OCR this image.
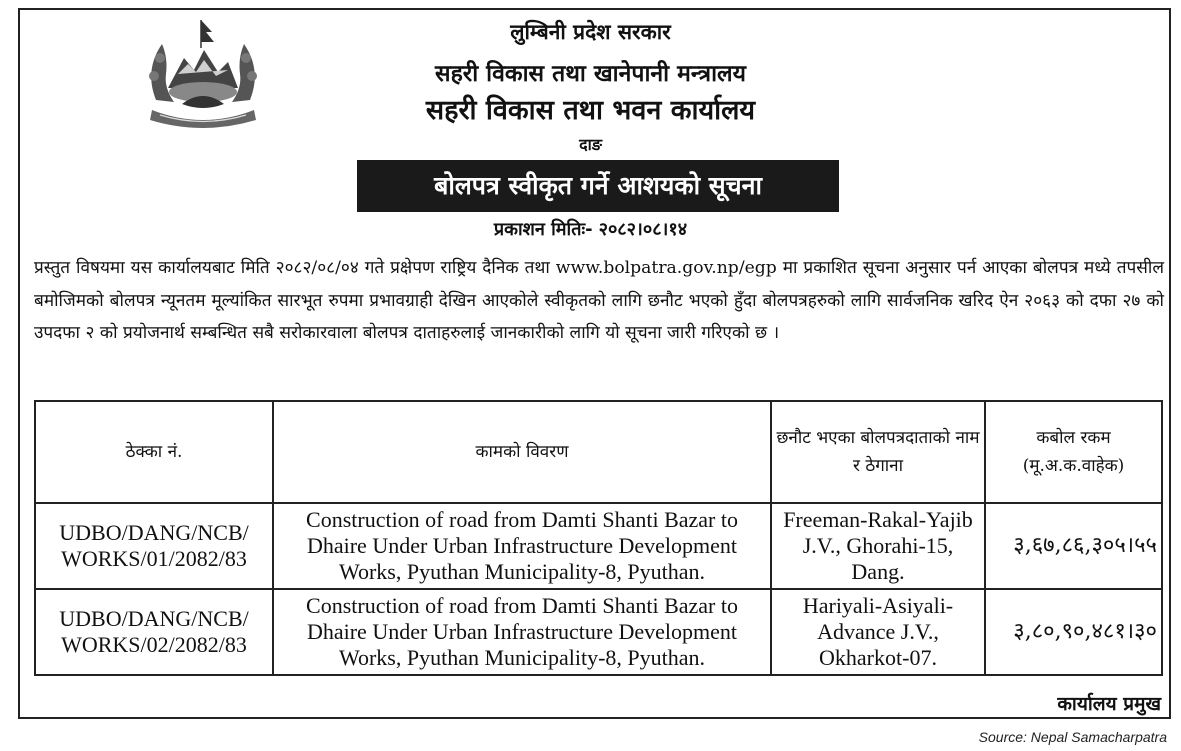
लुम्बिनी प्रदेश सरकार
सहरी विकास तथा खानेपानी मन्त्रालय
सहरी विकास तथा भवन कार्यालय
दाङ
बोलपत्र स्वीकृत गर्ने आशयको सूचना
प्रकाशन मितिः- २०८२।०८।१४

प्रस्तुत विषयमा यस कार्यालयबाट मिति २०८२/०८/०४ गते प्रक्षेपण राष्ट्रिय दैनिक तथा www.bolpatra.gov.np/egp मा प्रकाशित सूचना अनुसार पर्न आएका बोलपत्र मध्ये तपसील बमोजिमको बोलपत्र न्यूनतम मूल्यांकित सारभूत रुपमा प्रभावग्राही देखिन आएकोले स्वीकृतको लागि छनौट भएको हुँदा बोलपत्रहरुको लागि सार्वजनिक खरिद ऐन २०६३ को दफा २७ को उपदफा २ को प्रयोजनार्थ सम्बन्धित सबै सरोकारवाला बोलपत्र दाताहरुलाई जानकारीको लागि यो सूचना जारी गरिएको छ ।

ठेक्का नं.	कामको विवरण	छनौट भएका बोलपत्रदाताको नाम र ठेगाना	कबोल रकम (मू.अ.क.वाहेक)
UDBO/DANG/NCB/ WORKS/01/2082/83	Construction of road from Damti Shanti Bazar to Dhaire Under Urban Infrastructure Development Works, Pyuthan Municipality-8, Pyuthan.	Freeman-Rakal-Yajib J.V., Ghorahi-15, Dang.	३,६७,८६,३०५।५५
UDBO/DANG/NCB/ WORKS/02/2082/83	Construction of road from Damti Shanti Bazar to Dhaire Under Urban Infrastructure Development Works, Pyuthan Municipality-8, Pyuthan.	Hariyali-Asiyali-Advance J.V., Okharkot-07.	३,८०,९०,४८१।३०
कार्यालय प्रमुख
Source: Nepal Samacharpatra
